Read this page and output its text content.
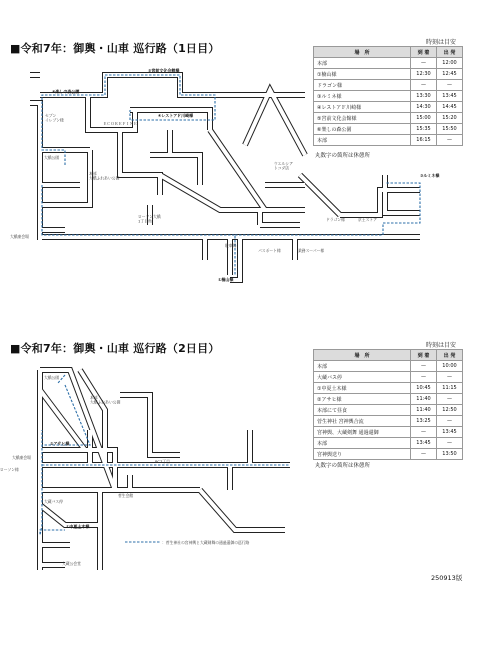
■令和7年：御輿・山車 巡行路（1日目）	時刻は目安
場　所	到 着	出 発
本部	—	12:00
①楠山様	12:30	12:45
ドラゴン様	—	—
③ルミネ様	13:30	13:45
④レストアＦ川崎様	14:30	14:45
⑤宮前文化会館様	15:00	15:20
⑥楽しの森公園	15:35	15:50
本部	16:15	—
丸数字の箇所は休憩所
⑤宮前文化会館様
⑥楽しの森公園
④レストアＦ川崎様
セブンイレブン様
ＥＣＯＲＥＦＩＮＥ
大橋公園
本部大橋ふれあい公園
③ルミネ様
ウエルシアトコダ店
ドラゴン様	京王ストア
大橋東会場
ローソン大橋 1丁目角
駐車場
パスポート様	業務スーパー様
①楠山様
■令和7年：御輿・山車 巡行路（2日目）	時刻は目安
場　所	到 着	出 発
本部	—	10:00
大蔵バス停	—	—
①中夏土木様	10:45	11:15
②アサヒ様	11:40	—
本部にて昼食	11:40	12:50
菅生神社 宮神輿合流	13:25	—
宮神輿、大蔵剣舞 通過還御	—	13:45
本部	13:45	—
宮神輿送り	—	13:50
丸数字の箇所は休憩所
大橋公園
本部大橋ふれあい公園
②アサヒ様
大橋東会場
ローソン様
大蔵バス停
PC7丁目
菅生会館
①中夏土木様
大蔵公会堂
：菅生神社の宮神輿と大蔵剣舞の通過還御の巡行路
250913版
